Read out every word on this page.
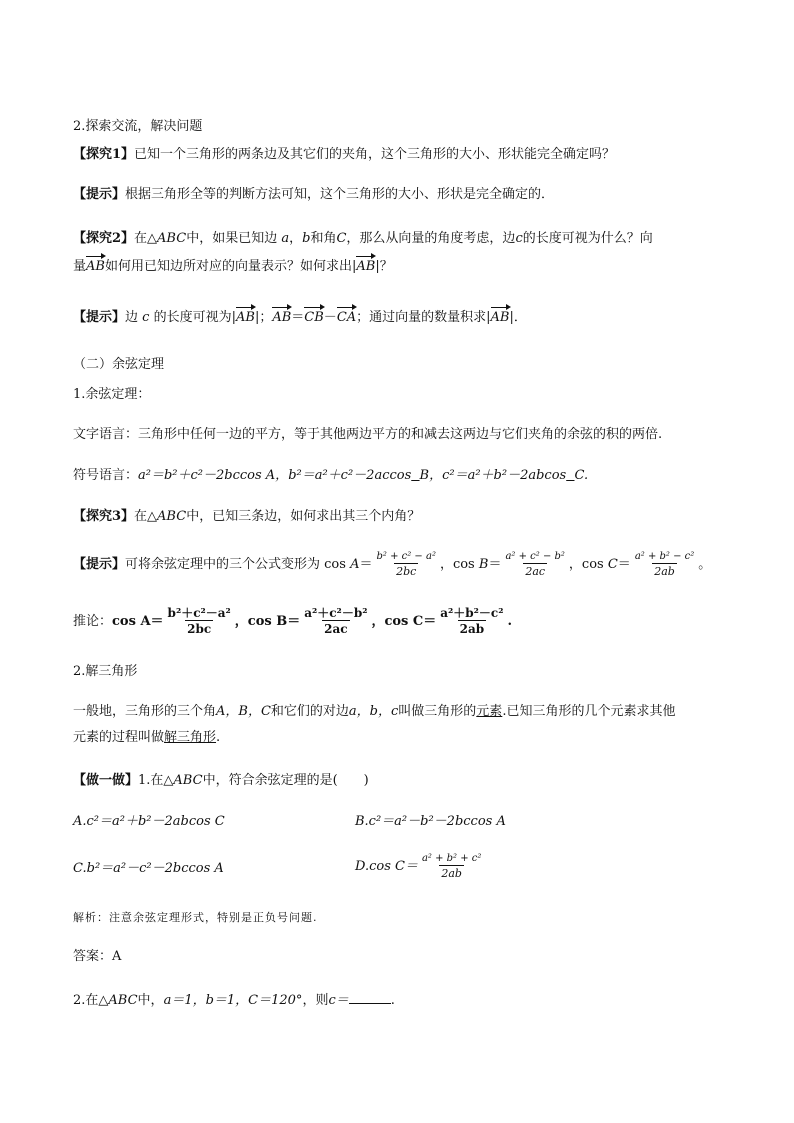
2.探索交流，解决问题
【探究1】已知一个三角形的两条边及其它们的夹角，这个三角形的大小、形状能完全确定吗？
【提示】根据三角形全等的判断方法可知，这个三角形的大小、形状是完全确定的．
【探究2】在△ABC中，如果已知边 a，b和角C，那么从向量的角度考虑，边c的长度可视为什么？向
量AB如何用已知边所对应的向量表示？如何求出|AB|？
【提示】边 c 的长度可视为|AB|；AB＝CB－CA；通过向量的数量积求|AB|．
（二）余弦定理
1.余弦定理：
文字语言：三角形中任何一边的平方，等于其他两边平方的和减去这两边与它们夹角的余弦的积的两倍.
符号语言：a²＝b²＋c²－2bccos A，b²＝a²＋c²－2accos B，c²＝a²＋b²－2abcos C.
【探究3】在△ABC中，已知三条边，如何求出其三个内角？
【提示】可将余弦定理中的三个公式变形为 $\cos A= \frac{\text{b² + c² − a²}}{2bc}$ ，$\cos B= \frac{\text{a² + c² − b²}}{2ac}$ ，$\cos C= \frac{\text{a² + b² − c²}}{2ab}$ 。
推论：$\cos A= \frac{\text{b²＋c²－a²}}{2bc}$ ，$\cos B= \frac{\text{a²＋c²－b²}}{2ac}$ ，$\cos C= \frac{\text{a²＋b²－c²}}{2ab}$ .
2.解三角形
一般地，三角形的三个角A，B，C和它们的对边a，b，c叫做三角形的元素.已知三角形的几个元素求其他
元素的过程叫做解三角形.
【做一做】1.在△ABC中，符合余弦定理的是(　　)
A.c²＝a²＋b²－2abcos C	B.c²＝a²－b²－2bccos A
C.b²＝a²－c²－2bccos A	D.cos $C= \frac{\text{a² + b² + c²}}{2ab}$
解析：注意余弦定理形式，特别是正负号问题.
答案：A
2.在△ABC中，a＝1，b＝1，C＝120°，则c＝	.
